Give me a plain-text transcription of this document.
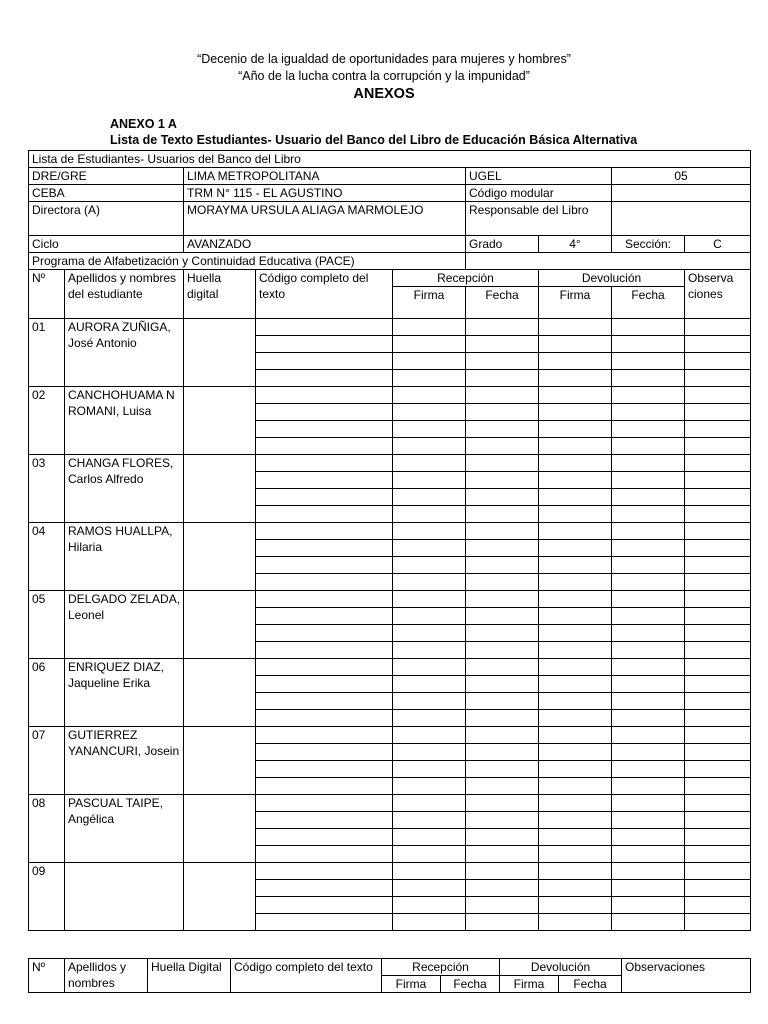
“Decenio de la igualdad de oportunidades para mujeres y hombres”
“Año de la lucha contra la corrupción y la impunidad”
ANEXOS
ANEXO 1 A
Lista de Texto Estudiantes- Usuario del Banco del Libro de Educación Básica Alternativa
Lista de Estudiantes- Usuarios del Banco del Libro								
DRE/GRE		LIMA METROPOLITANA			UGEL		05	
CEBA		TRM N° 115 - EL AGUSTINO			Código modular			
Directora (A)		MORAYMA URSULA ALIAGA MARMOLEJO			Responsable del Libro			
Ciclo		AVANZADO			Grado	4°	Sección:	C
Programa de Alfabetización y Continuidad Educativa (PACE)								
Nº	Apellidos y nombres del estudiante	Huella digital	Código completo del texto	Recepción		Devolución		Observa ciones
				Firma	Fecha	Firma	Fecha	
01	AURORA ZUÑIGA, José Antonio							

02	CANCHOHUAMA N ROMANI, Luisa							

03	CHANGA FLORES, Carlos Alfredo							

04	RAMOS HUALLPA, Hilaria							

05	DELGADO ZELADA, Leonel							

06	ENRIQUEZ DIAZ, Jaqueline Erika							

07	GUTIERREZ YANANCURI, Josein							

08	PASCUAL TAIPE, Angélica							

09								

Nº	Apellidos y nombres	Huella Digital	Código completo del texto	Recepción		Devolución		Observaciones
				Firma	Fecha	Firma	Fecha	
